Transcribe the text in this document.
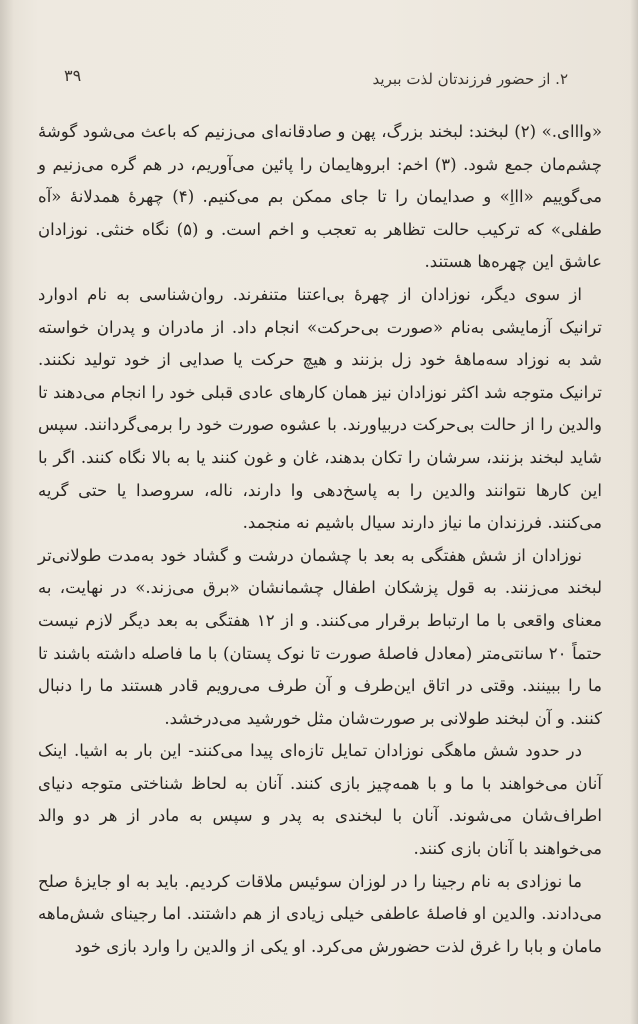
۳۹	۲. از حضور فرزندتان لذت ببرید

«وااای.» (۲) لبخند: لبخند بزرگ، پهن و صادقانه‌ای می‌زنیم که باعث می‌شود گوشهٔ چشم‌مان جمع شود. (۳) اخم: ابروهایمان را پائین می‌آوریم، در هم گره می‌زنیم و می‌گوییم «اااِ» و صدایمان را تا جای ممکن بم می‌کنیم. (۴) چهرهٔ همدلانهٔ «آه طفلی» که ترکیب حالت تظاهر به تعجب و اخم است. و (۵) نگاه خنثی. نوزادان عاشق این چهره‌ها هستند.

از سوی دیگر، نوزادان از چهرهٔ بی‌اعتنا متنفرند. روان‌شناسی به نام ادوارد ترانیک آزمایشی به‌نام «صورت بی‌حرکت» انجام داد. از مادران و پدران خواسته شد به نوزاد سه‌ماههٔ خود زل بزنند و هیچ حرکت یا صدایی از خود تولید نکنند. ترانیک متوجه شد اکثر نوزادان نیز همان کارهای عادی قبلی خود را انجام می‌دهند تا والدین را از حالت بی‌حرکت دربیاورند. با عشوه صورت خود را برمی‌گردانند. سپس شاید لبخند بزنند، سرشان را تکان بدهند، غان و غون کنند یا به بالا نگاه کنند. اگر با این کارها نتوانند والدین را به پاسخ‌دهی وا دارند، ناله، سروصدا یا حتی گریه می‌کنند. فرزندان ما نیاز دارند سیال باشیم نه منجمد.

نوزادان از شش هفتگی به بعد با چشمان درشت و گشاد خود به‌مدت طولانی‌تر لبخند می‌زنند. به قول پزشکان اطفال چشمانشان «برق می‌زند.» در نهایت، به معنای واقعی با ما ارتباط برقرار می‌کنند. و از ۱۲ هفتگی به بعد دیگر لازم نیست حتماً ۲۰ سانتی‌متر (معادل فاصلهٔ صورت تا نوک پستان) با ما فاصله داشته باشند تا ما را ببینند. وقتی در اتاق این‌طرف و آن طرف می‌رویم قادر هستند ما را دنبال کنند. و آن لبخند طولانی بر صورت‌شان مثل خورشید می‌درخشد.

در حدود شش ماهگی نوزادان تمایل تازه‌ای پیدا می‌کنند- این بار به اشیا. اینک آنان می‌خواهند با ما و با همه‌چیز بازی کنند. آنان به لحاظ شناختی متوجه دنیای اطراف‌شان می‌شوند. آنان با لبخندی به پدر و سپس به مادر از هر دو والد می‌خواهند با آنان بازی کنند.

ما نوزادی به نام رجینا را در لوزان سوئیس ملاقات کردیم. باید به او جایزهٔ صلح می‌دادند. والدین او فاصلهٔ عاطفی خیلی زیادی از هم داشتند. اما رجینای شش‌ماهه مامان و بابا را غرق لذت حضورش می‌کرد. او یکی از والدین را وارد بازی خود
